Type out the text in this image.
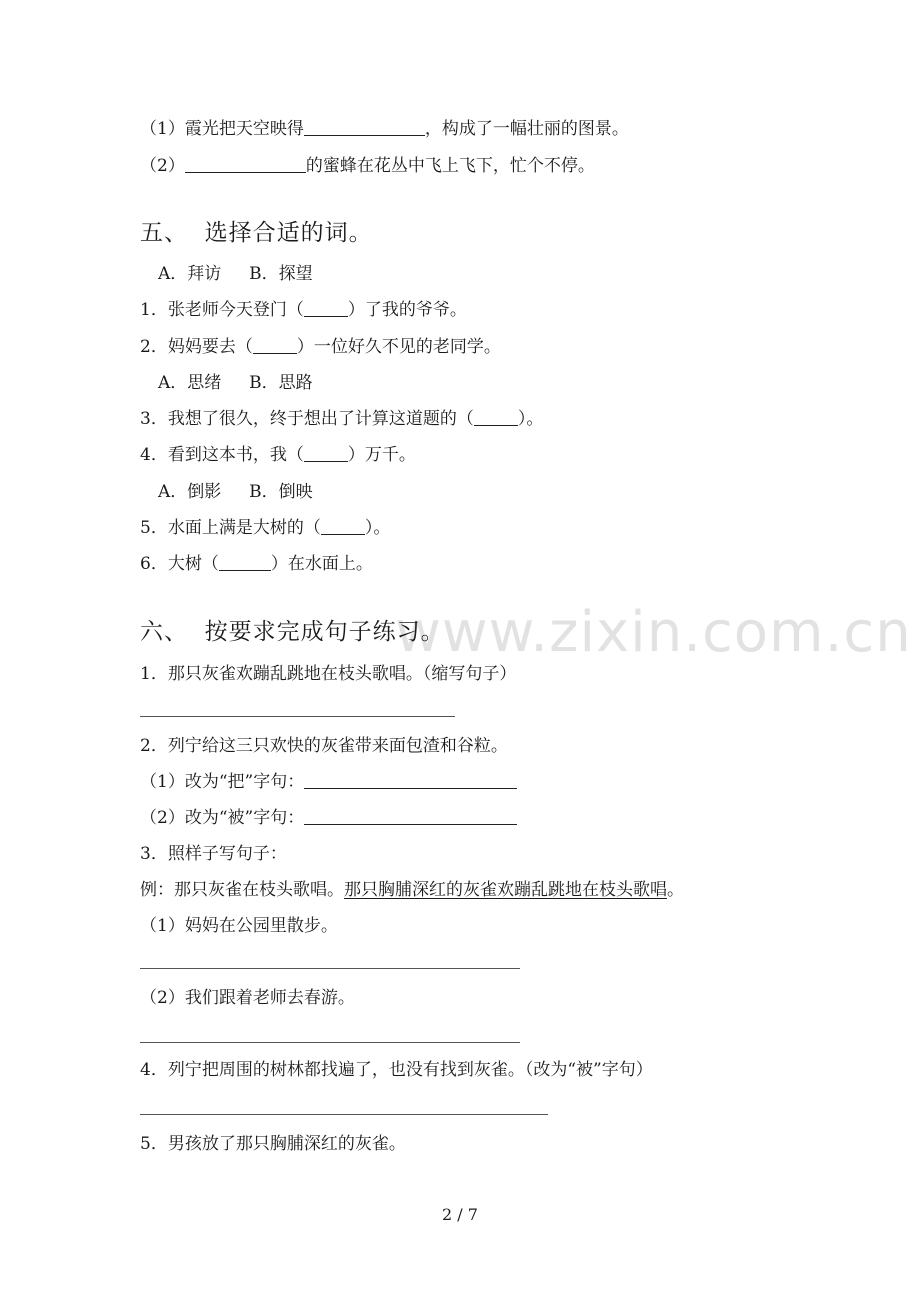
（1）霞光把天空映得	，构成了一幅壮丽的图景。
（2）	的蜜蜂在花丛中飞上飞下，忙个不停。
五、  选择合适的词。
A．拜访　  B．探望
1．张老师今天登门（	）了我的爷爷。
2．妈妈要去（	）一位好久不见的老同学。
A．思绪　  B．思路
3．我想了很久，终于想出了计算这道题的（	）。
4．看到这本书，我（	）万千。
A．倒影　  B．倒映
5．水面上满是大树的（	）。
6．大树（	）在水面上。
www.zixin.com.cn
六、  按要求完成句子练习。
1．那只灰雀欢蹦乱跳地在枝头歌唱。（缩写句子）
2．列宁给这三只欢快的灰雀带来面包渣和谷粒。
（1）改为“把”字句：
（2）改为“被”字句：
3．照样子写句子：
例：那只灰雀在枝头歌唱。那只胸脯深红的灰雀欢蹦乱跳地在枝头歌唱。
（1）妈妈在公园里散步。
（2）我们跟着老师去春游。
4．列宁把周围的树林都找遍了，也没有找到灰雀。（改为“被”字句）
5．男孩放了那只胸脯深红的灰雀。
2 / 7
